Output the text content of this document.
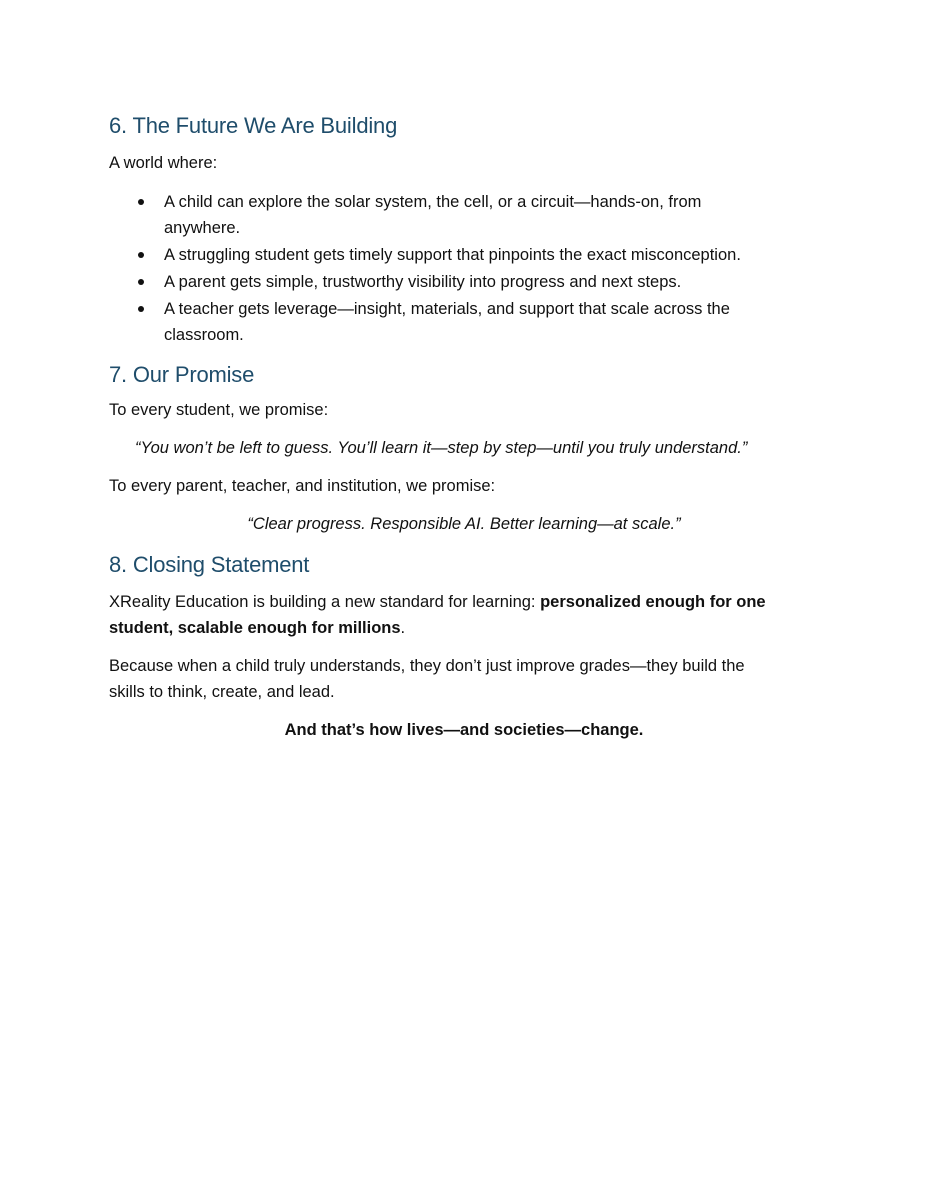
6. The Future We Are Building

A world where:

A child can explore the solar system, the cell, or a circuit—hands-on, from
anywhere.
A struggling student gets timely support that pinpoints the exact misconception.
A parent gets simple, trustworthy visibility into progress and next steps.
A teacher gets leverage—insight, materials, and support that scale across the
classroom.
7. Our Promise

To every student, we promise:

“You won’t be left to guess. You’ll learn it—step by step—until you truly understand.”

To every parent, teacher, and institution, we promise:

“Clear progress. Responsible AI. Better learning—at scale.”

8. Closing Statement

XReality Education is building a new standard for learning: personalized enough for one
student, scalable enough for millions.

Because when a child truly understands, they don’t just improve grades—they build the
skills to think, create, and lead.

And that’s how lives—and societies—change.
